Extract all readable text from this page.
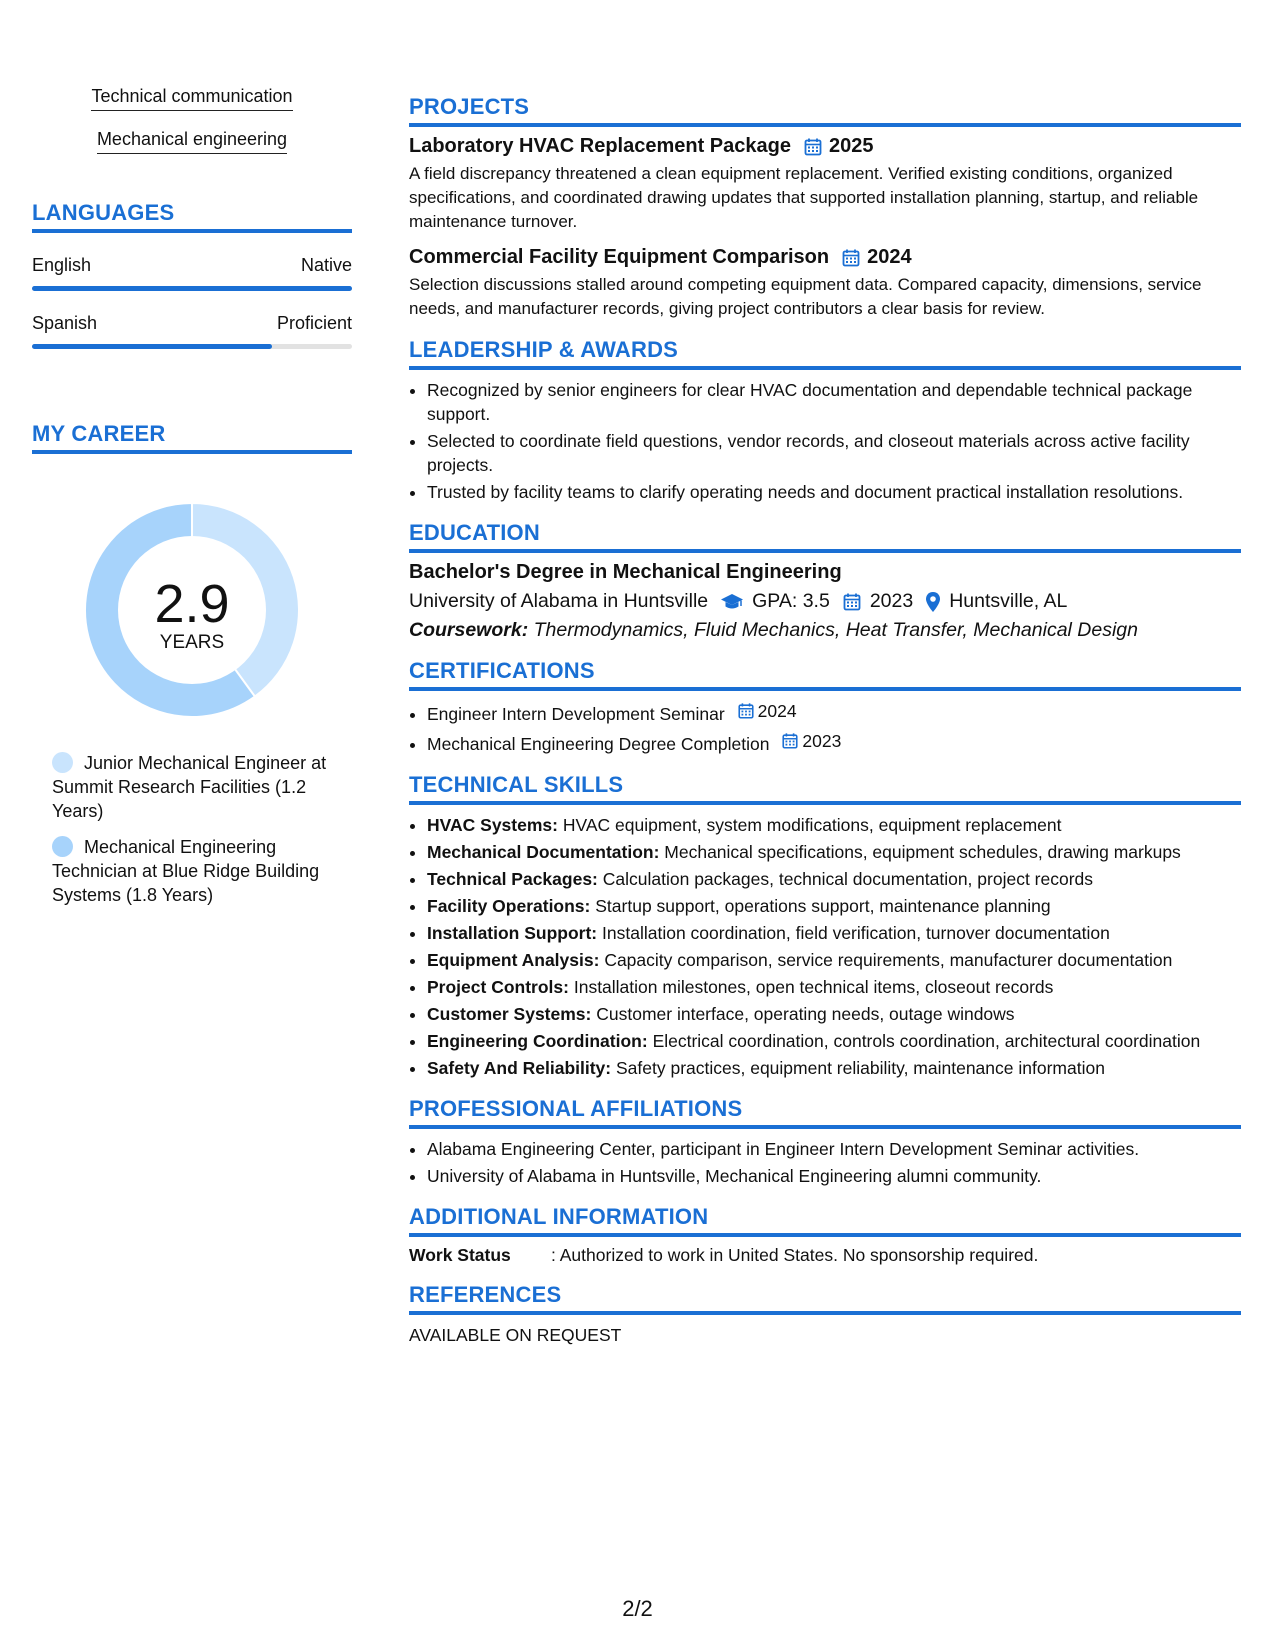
Technical communication
Mechanical engineering
LANGUAGES
English	Native
Spanish	Proficient
MY CAREER
2.9
YEARS
Junior Mechanical Engineer at Summit Research Facilities (1.2 Years)
Mechanical Engineering Technician at Blue Ridge Building Systems (1.8 Years)
PROJECTS
Laboratory HVAC Replacement Package 2025
A field discrepancy threatened a clean equipment replacement. Verified existing conditions, organized specifications, and coordinated drawing updates that supported installation planning, startup, and reliable maintenance turnover.
Commercial Facility Equipment Comparison 2024
Selection discussions stalled around competing equipment data. Compared capacity, dimensions, service needs, and manufacturer records, giving project contributors a clear basis for review.
LEADERSHIP & AWARDS
• Recognized by senior engineers for clear HVAC documentation and dependable technical package support.
• Selected to coordinate field questions, vendor records, and closeout materials across active facility projects.
• Trusted by facility teams to clarify operating needs and document practical installation resolutions.
EDUCATION
Bachelor's Degree in Mechanical Engineering
University of Alabama in Huntsville GPA: 3.5 2023 Huntsville, AL
Coursework: Thermodynamics, Fluid Mechanics, Heat Transfer, Mechanical Design
CERTIFICATIONS
• Engineer Intern Development Seminar 2024
• Mechanical Engineering Degree Completion 2023
TECHNICAL SKILLS
• HVAC Systems: HVAC equipment, system modifications, equipment replacement
• Mechanical Documentation: Mechanical specifications, equipment schedules, drawing markups
• Technical Packages: Calculation packages, technical documentation, project records
• Facility Operations: Startup support, operations support, maintenance planning
• Installation Support: Installation coordination, field verification, turnover documentation
• Equipment Analysis: Capacity comparison, service requirements, manufacturer documentation
• Project Controls: Installation milestones, open technical items, closeout records
• Customer Systems: Customer interface, operating needs, outage windows
• Engineering Coordination: Electrical coordination, controls coordination, architectural coordination
• Safety And Reliability: Safety practices, equipment reliability, maintenance information
PROFESSIONAL AFFILIATIONS
• Alabama Engineering Center, participant in Engineer Intern Development Seminar activities.
• University of Alabama in Huntsville, Mechanical Engineering alumni community.
ADDITIONAL INFORMATION
Work Status	: Authorized to work in United States. No sponsorship required.
REFERENCES
AVAILABLE ON REQUEST
2/2
